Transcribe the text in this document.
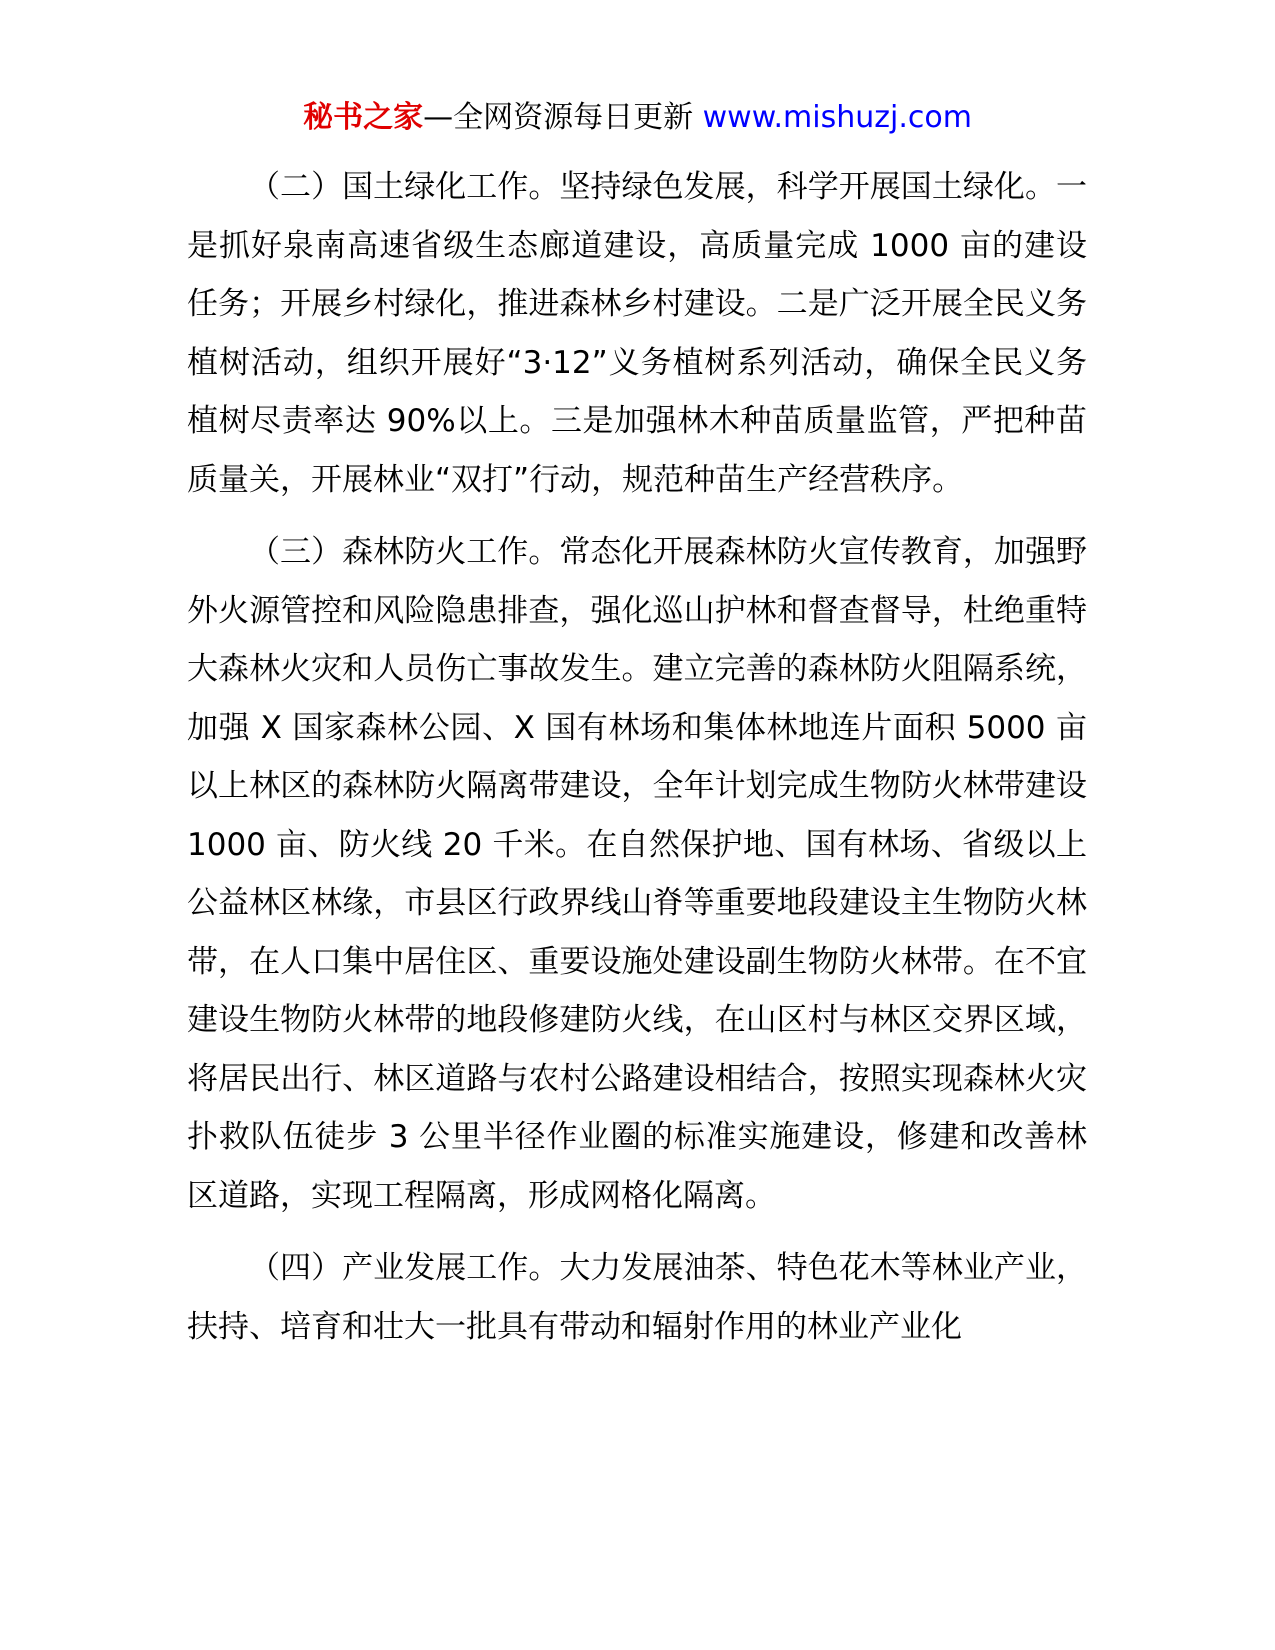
秘书之家—全网资源每日更新 www.mishuzj.com

（二）国土绿化工作。坚持绿色发展，科学开展国土绿化。一是抓好泉南高速省级生态廊道建设，高质量完成 1000 亩的建设任务；开展乡村绿化，推进森林乡村建设。二是广泛开展全民义务植树活动，组织开展好“3·12”义务植树系列活动，确保全民义务植树尽责率达 90%以上。三是加强林木种苗质量监管，严把种苗质量关，开展林业“双打”行动，规范种苗生产经营秩序。

（三）森林防火工作。常态化开展森林防火宣传教育，加强野外火源管控和风险隐患排查，强化巡山护林和督查督导，杜绝重特大森林火灾和人员伤亡事故发生。建立完善的森林防火阻隔系统，加强 X 国家森林公园、X 国有林场和集体林地连片面积 5000 亩以上林区的森林防火隔离带建设，全年计划完成生物防火林带建设 1000 亩、防火线 20 千米。在自然保护地、国有林场、省级以上公益林区林缘，市县区行政界线山脊等重要地段建设主生物防火林带，在人口集中居住区、重要设施处建设副生物防火林带。在不宜建设生物防火林带的地段修建防火线，在山区村与林区交界区域，将居民出行、林区道路与农村公路建设相结合，按照实现森林火灾扑救队伍徒步 3 公里半径作业圈的标准实施建设，修建和改善林区道路，实现工程隔离，形成网格化隔离。

（四）产业发展工作。大力发展油茶、特色花木等林业产业，扶持、培育和壮大一批具有带动和辐射作用的林业产业化
